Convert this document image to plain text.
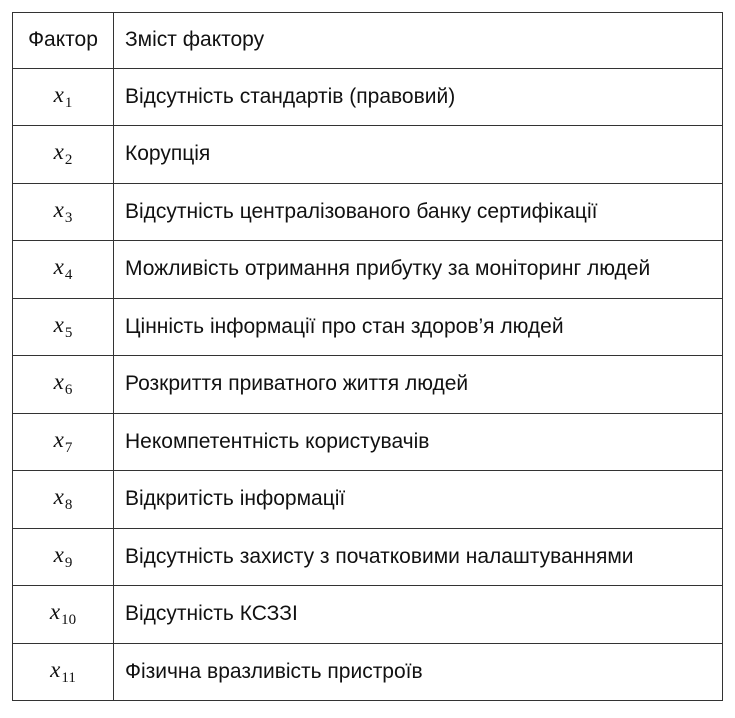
Фактор	Зміст фактору
$x_1$	Відсутність стандартів (правовий)
$x_2$	Корупція
$x_3$	Відсутність централізованого банку сертифікації
$x_4$	Можливість отримання прибутку за моніторинг людей
$x_5$	Цінність інформації про стан здоров’я людей
$x_6$	Розкриття приватного життя людей
$x_7$	Некомпетентність користувачів
$x_8$	Відкритість інформації
$x_9$	Відсутність захисту з початковими налаштуваннями
$x_{10}$	Відсутність КСЗЗІ
$x_{11}$	Фізична вразливість пристроїв
